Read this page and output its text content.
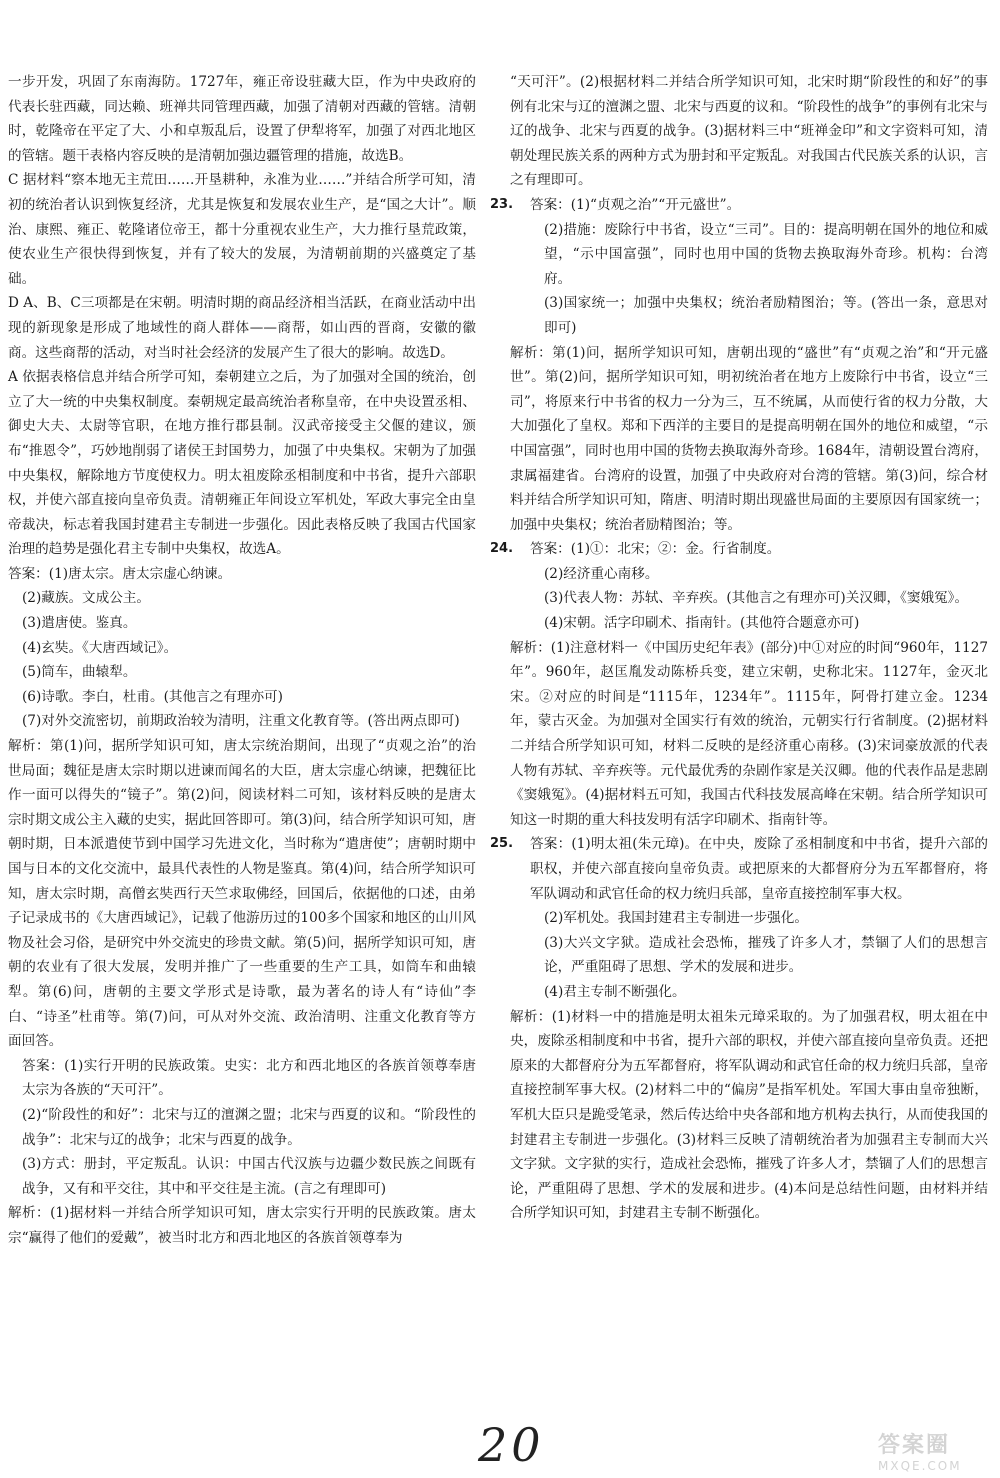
一步开发，巩固了东南海防。1727年，雍正帝设驻藏大臣，作为中央政府的代表长驻西藏，同达赖、班禅共同管理西藏，加强了清朝对西藏的管辖。清朝时，乾隆帝在平定了大、小和卓叛乱后，设置了伊犁将军，加强了对西北地区的管辖。题干表格内容反映的是清朝加强边疆管理的措施，故选B。
C 据材料“察本地无主荒田……开垦耕种，永准为业……”并结合所学可知，清初的统治者认识到恢复经济，尤其是恢复和发展农业生产，是“国之大计”。顺治、康熙、雍正、乾隆诸位帝王，都十分重视农业生产，大力推行垦荒政策，使农业生产很快得到恢复，并有了较大的发展，为清朝前期的兴盛奠定了基础。
D A、B、C三项都是在宋朝。明清时期的商品经济相当活跃，在商业活动中出现的新现象是形成了地域性的商人群体——商帮，如山西的晋商，安徽的徽商。这些商帮的活动，对当时社会经济的发展产生了很大的影响。故选D。
A 依据表格信息并结合所学可知，秦朝建立之后，为了加强对全国的统治，创立了大一统的中央集权制度。秦朝规定最高统治者称皇帝，在中央设置丞相、御史大夫、太尉等官职，在地方推行郡县制。汉武帝接受主父偃的建议，颁布“推恩令”，巧妙地削弱了诸侯王封国势力，加强了中央集权。宋朝为了加强中央集权，解除地方节度使权力。明太祖废除丞相制度和中书省，提升六部职权，并使六部直接向皇帝负责。清朝雍正年间设立军机处，军政大事完全由皇帝裁决，标志着我国封建君主专制进一步强化。因此表格反映了我国古代国家治理的趋势是强化君主专制中央集权，故选A。
答案：(1)唐太宗。唐太宗虚心纳谏。
(2)藏族。文成公主。
(3)遣唐使。鉴真。
(4)玄奘。《大唐西域记》。
(5)筒车，曲辕犁。
(6)诗歌。李白，杜甫。(其他言之有理亦可)
(7)对外交流密切，前期政治较为清明，注重文化教育等。(答出两点即可)
解析：第(1)问，据所学知识可知，唐太宗统治期间，出现了“贞观之治”的治世局面；魏征是唐太宗时期以进谏而闻名的大臣，唐太宗虚心纳谏，把魏征比作一面可以得失的“镜子”。第(2)问，阅读材料二可知，该材料反映的是唐太宗时期文成公主入藏的史实，据此回答即可。第(3)问，结合所学知识可知，唐朝时期，日本派遣使节到中国学习先进文化，当时称为“遣唐使”；唐朝时期中国与日本的文化交流中，最具代表性的人物是鉴真。第(4)问，结合所学知识可知，唐太宗时期，高僧玄奘西行天竺求取佛经，回国后，依据他的口述，由弟子记录成书的《大唐西域记》，记载了他游历过的100多个国家和地区的山川风物及社会习俗，是研究中外交流史的珍贵文献。第(5)问，据所学知识可知，唐朝的农业有了很大发展，发明并推广了一些重要的生产工具，如筒车和曲辕犁。第(6)问，唐朝的主要文学形式是诗歌，最为著名的诗人有“诗仙”李白、“诗圣”杜甫等。第(7)问，可从对外交流、政治清明、注重文化教育等方面回答。
答案：(1)实行开明的民族政策。史实：北方和西北地区的各族首领尊奉唐太宗为各族的“天可汗”。
(2)“阶段性的和好”：北宋与辽的澶渊之盟；北宋与西夏的议和。“阶段性的战争”：北宋与辽的战争；北宋与西夏的战争。
(3)方式：册封，平定叛乱。认识：中国古代汉族与边疆少数民族之间既有战争，又有和平交往，其中和平交往是主流。(言之有理即可)
解析：(1)据材料一并结合所学知识可知，唐太宗实行开明的民族政策。唐太宗“赢得了他们的爱戴”，被当时北方和西北地区的各族首领尊奉为
“天可汗”。(2)根据材料二并结合所学知识可知，北宋时期“阶段性的和好”的事例有北宋与辽的澶渊之盟、北宋与西夏的议和。“阶段性的战争”的事例有北宋与辽的战争、北宋与西夏的战争。(3)据材料三中“班禅金印”和文字资料可知，清朝处理民族关系的两种方式为册封和平定叛乱。对我国古代民族关系的认识，言之有理即可。
23. 答案：(1)“贞观之治”“开元盛世”。
(2)措施：废除行中书省，设立“三司”。目的：提高明朝在国外的地位和威望，“示中国富强”，同时也用中国的货物去换取海外奇珍。机构：台湾府。
(3)国家统一；加强中央集权；统治者励精图治；等。(答出一条，意思对即可)
解析：第(1)问，据所学知识可知，唐朝出现的“盛世”有“贞观之治”和“开元盛世”。第(2)问，据所学知识可知，明初统治者在地方上废除行中书省，设立“三司”，将原来行中书省的权力一分为三，互不统属，从而使行省的权力分散，大大加强化了皇权。郑和下西洋的主要目的是提高明朝在国外的地位和威望，“示中国富强”，同时也用中国的货物去换取海外奇珍。1684年，清朝设置台湾府，隶属福建省。台湾府的设置，加强了中央政府对台湾的管辖。第(3)问，综合材料并结合所学知识可知，隋唐、明清时期出现盛世局面的主要原因有国家统一；加强中央集权；统治者励精图治；等。
24. 答案：(1)①：北宋；②：金。行省制度。
(2)经济重心南移。
(3)代表人物：苏轼、辛弃疾。(其他言之有理亦可)关汉卿，《窦娥冤》。
(4)宋朝。活字印刷术、指南针。(其他符合题意亦可)
解析：(1)注意材料一《中国历史纪年表》(部分)中①对应的时间“960年，1127年”。960年，赵匡胤发动陈桥兵变，建立宋朝，史称北宋。1127年，金灭北宋。②对应的时间是“1115年，1234年”。1115年，阿骨打建立金。1234年，蒙古灭金。为加强对全国实行有效的统治，元朝实行行省制度。(2)据材料二并结合所学知识可知，材料二反映的是经济重心南移。(3)宋词豪放派的代表人物有苏轼、辛弃疾等。元代最优秀的杂剧作家是关汉卿。他的代表作品是悲剧《窦娥冤》。(4)据材料五可知，我国古代科技发展高峰在宋朝。结合所学知识可知这一时期的重大科技发明有活字印刷术、指南针等。
25. 答案：(1)明太祖(朱元璋)。在中央，废除了丞相制度和中书省，提升六部的职权，并使六部直接向皇帝负责。或把原来的大都督府分为五军都督府，将军队调动和武官任命的权力统归兵部，皇帝直接控制军事大权。
(2)军机处。我国封建君主专制进一步强化。
(3)大兴文字狱。造成社会恐怖，摧残了许多人才，禁锢了人们的思想言论，严重阻碍了思想、学术的发展和进步。
(4)君主专制不断强化。
解析：(1)材料一中的措施是明太祖朱元璋采取的。为了加强君权，明太祖在中央，废除丞相制度和中书省，提升六部的职权，并使六部直接向皇帝负责。还把原来的大都督府分为五军都督府，将军队调动和武官任命的权力统归兵部，皇帝直接控制军事大权。(2)材料二中的“偏房”是指军机处。军国大事由皇帝独断，军机大臣只是跪受笔录，然后传达给中央各部和地方机构去执行，从而使我国的封建君主专制进一步强化。(3)材料三反映了清朝统治者为加强君主专制而大兴文字狱。文字狱的实行，造成社会恐怖，摧残了许多人才，禁锢了人们的思想言论，严重阻碍了思想、学术的发展和进步。(4)本问是总结性问题，由材料并结合所学知识可知，封建君主专制不断强化。
20	答案圈
MXQE.COM
